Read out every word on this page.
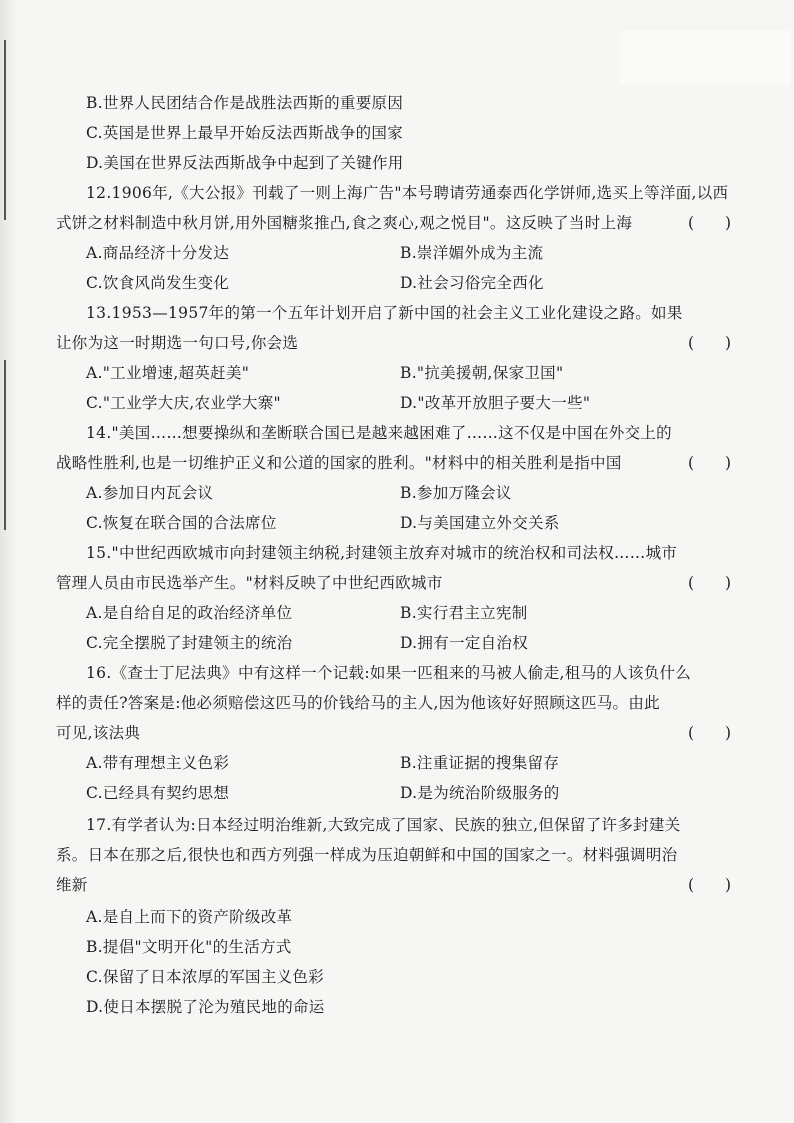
B.世界人民团结合作是战胜法西斯的重要原因
C.英国是世界上最早开始反法西斯战争的国家
D.美国在世界反法西斯战争中起到了关键作用
12.1906年,《大公报》刊载了一则上海广告"本号聘请劳通泰西化学饼师,选买上等洋面,以西
式饼之材料制造中秋月饼,用外国糖浆推凸,食之爽心,观之悦目"。这反映了当时上海	(　　)
A.商品经济十分发达	B.崇洋媚外成为主流
C.饮食风尚发生变化	D.社会习俗完全西化
13.1953—1957年的第一个五年计划开启了新中国的社会主义工业化建设之路。如果
让你为这一时期选一句口号,你会选	(　　)
A."工业增速,超英赶美"	B."抗美援朝,保家卫国"
C."工业学大庆,农业学大寨"	D."改革开放胆子要大一些"
14."美国……想要操纵和垄断联合国已是越来越困难了……这不仅是中国在外交上的
战略性胜利,也是一切维护正义和公道的国家的胜利。"材料中的相关胜利是指中国	(　　)
A.参加日内瓦会议	B.参加万隆会议
C.恢复在联合国的合法席位	D.与美国建立外交关系
15."中世纪西欧城市向封建领主纳税,封建领主放弃对城市的统治权和司法权……城市
管理人员由市民选举产生。"材料反映了中世纪西欧城市	(　　)
A.是自给自足的政治经济单位	B.实行君主立宪制
C.完全摆脱了封建领主的统治	D.拥有一定自治权
16.《查士丁尼法典》中有这样一个记载:如果一匹租来的马被人偷走,租马的人该负什么
样的责任?答案是:他必须赔偿这匹马的价钱给马的主人,因为他该好好照顾这匹马。由此
可见,该法典	(　　)
A.带有理想主义色彩	B.注重证据的搜集留存
C.已经具有契约思想	D.是为统治阶级服务的
17.有学者认为:日本经过明治维新,大致完成了国家、民族的独立,但保留了许多封建关
系。日本在那之后,很快也和西方列强一样成为压迫朝鲜和中国的国家之一。材料强调明治
维新	(　　)
A.是自上而下的资产阶级改革
B.提倡"文明开化"的生活方式
C.保留了日本浓厚的军国主义色彩
D.使日本摆脱了沦为殖民地的命运
